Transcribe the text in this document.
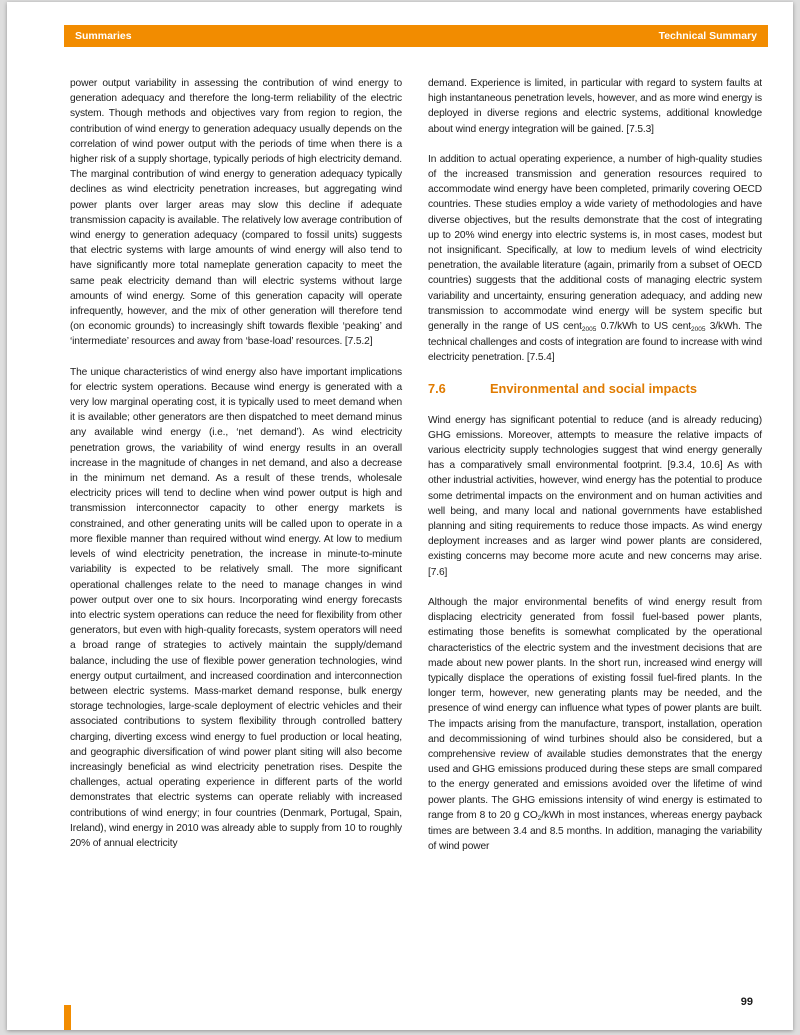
Summaries	Technical Summary

power output variability in assessing the contribution of wind energy to generation adequacy and therefore the long-term reliability of the electric system. Though methods and objectives vary from region to region, the contribution of wind energy to generation adequacy usually depends on the correlation of wind power output with the periods of time when there is a higher risk of a supply shortage, typically periods of high electricity demand. The marginal contribution of wind energy to generation adequacy typically declines as wind electricity penetration increases, but aggregating wind power plants over larger areas may slow this decline if adequate transmission capacity is available. The relatively low average contribution of wind energy to generation adequacy (compared to fossil units) suggests that electric systems with large amounts of wind energy will also tend to have significantly more total nameplate generation capacity to meet the same peak electricity demand than will electric systems without large amounts of wind energy. Some of this generation capacity will operate infrequently, however, and the mix of other generation will therefore tend (on economic grounds) to increasingly shift towards flexible ‘peaking’ and ‘intermediate’ resources and away from ‘base-load’ resources. [7.5.2]

The unique characteristics of wind energy also have important implications for electric system operations. Because wind energy is generated with a very low marginal operating cost, it is typically used to meet demand when it is available; other generators are then dispatched to meet demand minus any available wind energy (i.e., ‘net demand’). As wind electricity penetration grows, the variability of wind energy results in an overall increase in the magnitude of changes in net demand, and also a decrease in the minimum net demand. As a result of these trends, wholesale electricity prices will tend to decline when wind power output is high and transmission interconnector capacity to other energy markets is constrained, and other generating units will be called upon to operate in a more flexible manner than required without wind energy. At low to medium levels of wind electricity penetration, the increase in minute-to-minute variability is expected to be relatively small. The more significant operational challenges relate to the need to manage changes in wind power output over one to six hours. Incorporating wind energy forecasts into electric system operations can reduce the need for flexibility from other generators, but even with high-quality forecasts, system operators will need a broad range of strategies to actively maintain the supply/demand balance, including the use of flexible power generation technologies, wind energy output curtailment, and increased coordination and interconnection between electric systems. Mass-market demand response, bulk energy storage technologies, large-scale deployment of electric vehicles and their associated contributions to system flexibility through controlled battery charging, diverting excess wind energy to fuel production or local heating, and geographic diversification of wind power plant siting will also become increasingly beneficial as wind electricity penetration rises. Despite the challenges, actual operating experience in different parts of the world demonstrates that electric systems can operate reliably with increased contributions of wind energy; in four countries (Denmark, Portugal, Spain, Ireland), wind energy in 2010 was already able to supply from 10 to roughly 20% of annual electricity

demand. Experience is limited, in particular with regard to system faults at high instantaneous penetration levels, however, and as more wind energy is deployed in diverse regions and electric systems, additional knowledge about wind energy integration will be gained. [7.5.3]

In addition to actual operating experience, a number of high-quality studies of the increased transmission and generation resources required to accommodate wind energy have been completed, primarily covering OECD countries. These studies employ a wide variety of methodologies and have diverse objectives, but the results demonstrate that the cost of integrating up to 20% wind energy into electric systems is, in most cases, modest but not insignificant. Specifically, at low to medium levels of wind electricity penetration, the available literature (again, primarily from a subset of OECD countries) suggests that the additional costs of managing electric system variability and uncertainty, ensuring generation adequacy, and adding new transmission to accommodate wind energy will be system specific but generally in the range of US cent$_{2005}$ 0.7/kWh to US cent$_{2005}$ 3/kWh. The technical challenges and costs of integration are found to increase with wind electricity penetration. [7.5.4]

7.6	Environmental and social impacts

Wind energy has significant potential to reduce (and is already reducing) GHG emissions. Moreover, attempts to measure the relative impacts of various electricity supply technologies suggest that wind energy generally has a comparatively small environmental footprint. [9.3.4, 10.6] As with other industrial activities, however, wind energy has the potential to produce some detrimental impacts on the environment and on human activities and well being, and many local and national governments have established planning and siting requirements to reduce those impacts. As wind energy deployment increases and as larger wind power plants are considered, existing concerns may become more acute and new concerns may arise. [7.6]

Although the major environmental benefits of wind energy result from displacing electricity generated from fossil fuel-based power plants, estimating those benefits is somewhat complicated by the operational characteristics of the electric system and the investment decisions that are made about new power plants. In the short run, increased wind energy will typically displace the operations of existing fossil fuel-fired plants. In the longer term, however, new generating plants may be needed, and the presence of wind energy can influence what types of power plants are built. The impacts arising from the manufacture, transport, installation, operation and decommissioning of wind turbines should also be considered, but a comprehensive review of available studies demonstrates that the energy used and GHG emissions produced during these steps are small compared to the energy generated and emissions avoided over the lifetime of wind power plants. The GHG emissions intensity of wind energy is estimated to range from 8 to 20 g $CO_2$/kWh in most instances, whereas energy payback times are between 3.4 and 8.5 months. In addition, managing the variability of wind power

99
